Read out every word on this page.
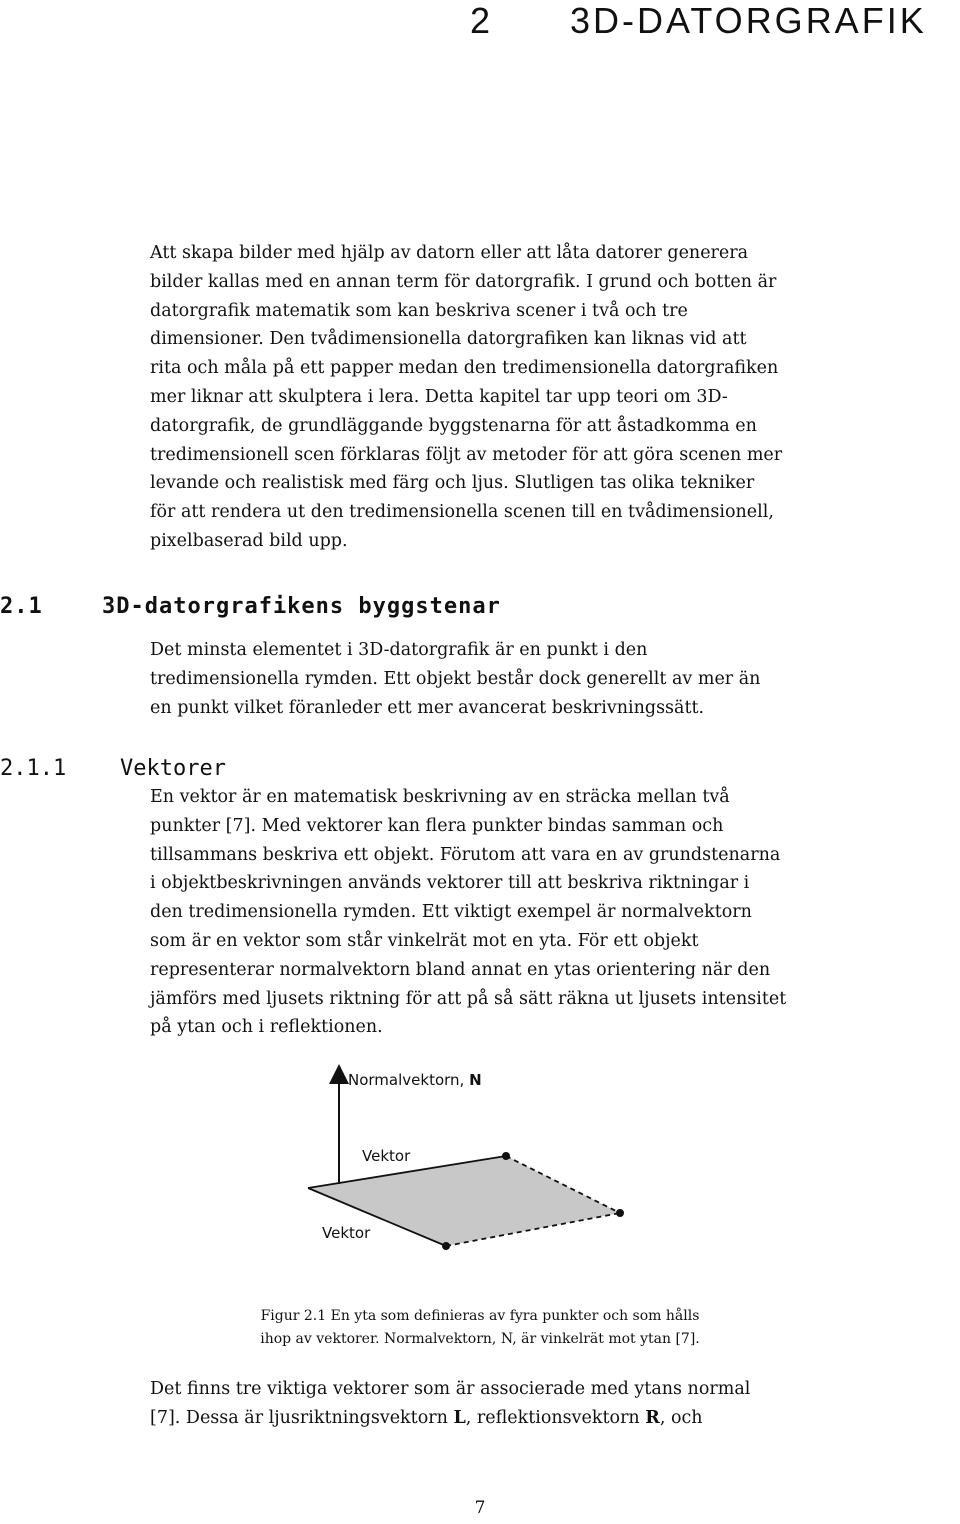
2 3D-DATORGRAFIK
Att skapa bilder med hjälp av datorn eller att låta datorer generera
bilder kallas med en annan term för datorgrafik. I grund och botten är
datorgrafik matematik som kan beskriva scener i två och tre
dimensioner. Den tvådimensionella datorgrafiken kan liknas vid att
rita och måla på ett papper medan den tredimensionella datorgrafiken
mer liknar att skulptera i lera. Detta kapitel tar upp teori om 3D-
datorgrafik, de grundläggande byggstenarna för att åstadkomma en
tredimensionell scen förklaras följt av metoder för att göra scenen mer
levande och realistisk med färg och ljus. Slutligen tas olika tekniker
för att rendera ut den tredimensionella scenen till en tvådimensionell,
pixelbaserad bild upp.
2.1	3D-datorgrafikens byggstenar
Det minsta elementet i 3D-datorgrafik är en punkt i den
tredimensionella rymden. Ett objekt består dock generellt av mer än
en punkt vilket föranleder ett mer avancerat beskrivningssätt.
2.1.1 Vektorer
En vektor är en matematisk beskrivning av en sträcka mellan två
punkter [7]. Med vektorer kan flera punkter bindas samman och
tillsammans beskriva ett objekt. Förutom att vara en av grundstenarna
i objektbeskrivningen används vektorer till att beskriva riktningar i
den tredimensionella rymden. Ett viktigt exempel är normalvektorn
som är en vektor som står vinkelrät mot en yta. För ett objekt
representerar normalvektorn bland annat en ytas orientering när den
jämförs med ljusets riktning för att på så sätt räkna ut ljusets intensitet
på ytan och i reflektionen.
Normalvektorn, N
Vektor
Vektor

Figur 2.1 En yta som definieras av fyra punkter och som hålls
ihop av vektorer. Normalvektorn, N, är vinkelrät mot ytan [7].

Det finns tre viktiga vektorer som är associerade med ytans normal
[7]. Dessa är ljusriktningsvektorn L, reflektionsvektorn R, och
7
